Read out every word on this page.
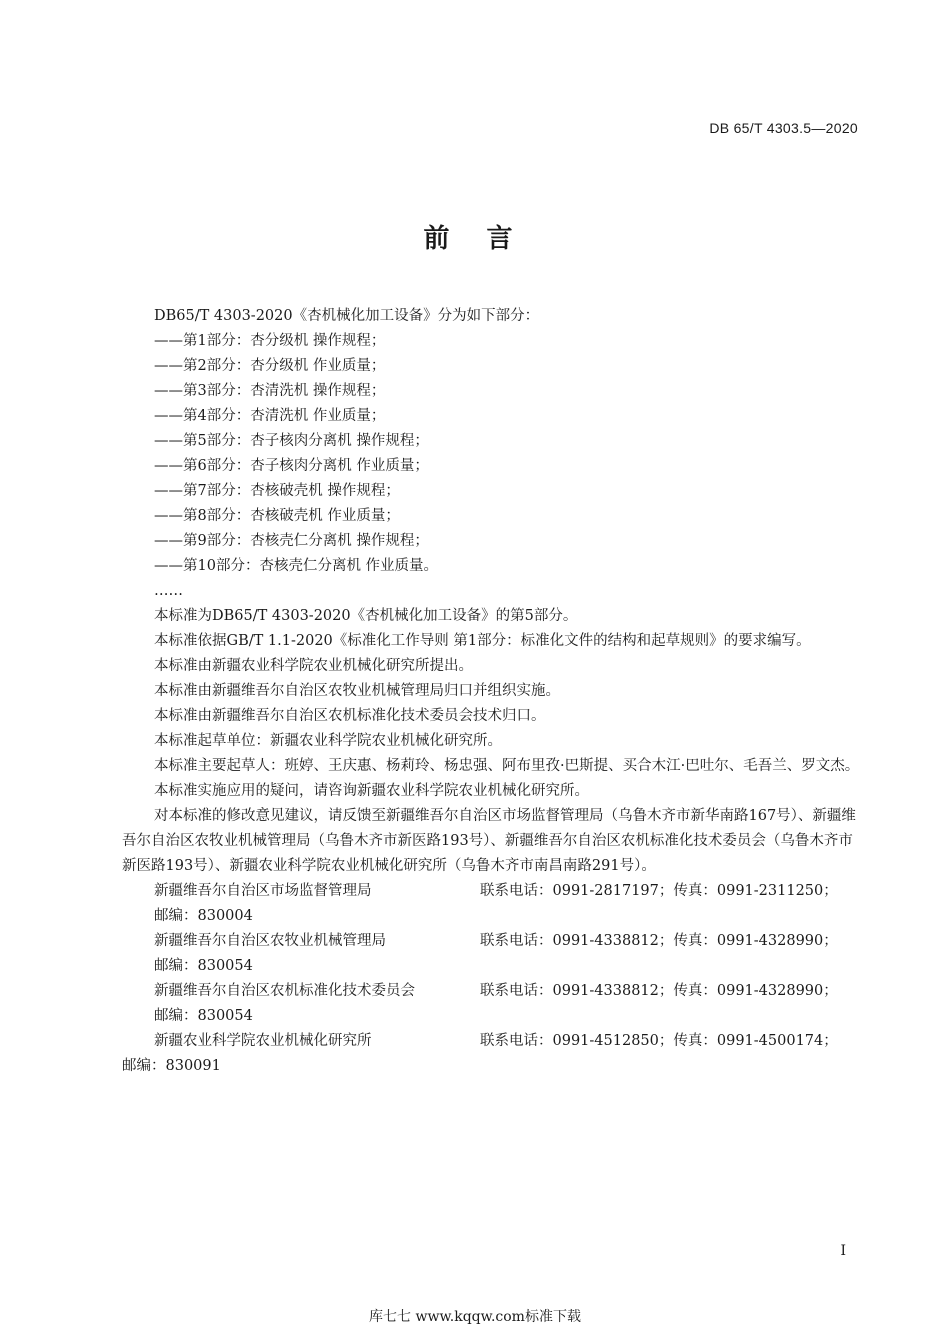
DB 65/T 4303.5—2020
前 言

DB65/T 4303-2020《杏机械化加工设备》分为如下部分：

——第1部分：杏分级机 操作规程；

——第2部分：杏分级机 作业质量；

——第3部分：杏清洗机 操作规程；

——第4部分：杏清洗机 作业质量；

——第5部分：杏子核肉分离机 操作规程；

——第6部分：杏子核肉分离机 作业质量；

——第7部分：杏核破壳机 操作规程；

——第8部分：杏核破壳机 作业质量；

——第9部分：杏核壳仁分离机 操作规程；

——第10部分：杏核壳仁分离机 作业质量。

……

本标准为DB65/T 4303-2020《杏机械化加工设备》的第5部分。

本标准依据GB/T 1.1-2020《标准化工作导则 第1部分：标准化文件的结构和起草规则》的要求编写。

本标准由新疆农业科学院农业机械化研究所提出。

本标准由新疆维吾尔自治区农牧业机械管理局归口并组织实施。

本标准由新疆维吾尔自治区农机标准化技术委员会技术归口。

本标准起草单位：新疆农业科学院农业机械化研究所。

本标准主要起草人：班婷、王庆惠、杨莉玲、杨忠强、阿布里孜·巴斯提、买合木江·巴吐尔、毛吾兰、罗文杰。

本标准实施应用的疑问，请咨询新疆农业科学院农业机械化研究所。

对本标准的修改意见建议，请反馈至新疆维吾尔自治区市场监督管理局（乌鲁木齐市新华南路167号）、新疆维吾尔自治区农牧业机械管理局（乌鲁木齐市新医路193号）、新疆维吾尔自治区农机标准化技术委员会（乌鲁木齐市新医路193号）、新疆农业科学院农业机械化研究所（乌鲁木齐市南昌南路291号）。

新疆维吾尔自治区市场监督管理局	联系电话：0991-2817197；传真：0991-2311250；
邮编：830004
新疆维吾尔自治区农牧业机械管理局	联系电话：0991-4338812；传真：0991-4328990；
邮编：830054
新疆维吾尔自治区农机标准化技术委员会	联系电话：0991-4338812；传真：0991-4328990；
邮编：830054
新疆农业科学院农业机械化研究所	联系电话：0991-4512850；传真：0991-4500174；
邮编：830091
I
库七七 www.kqqw.com标准下载
